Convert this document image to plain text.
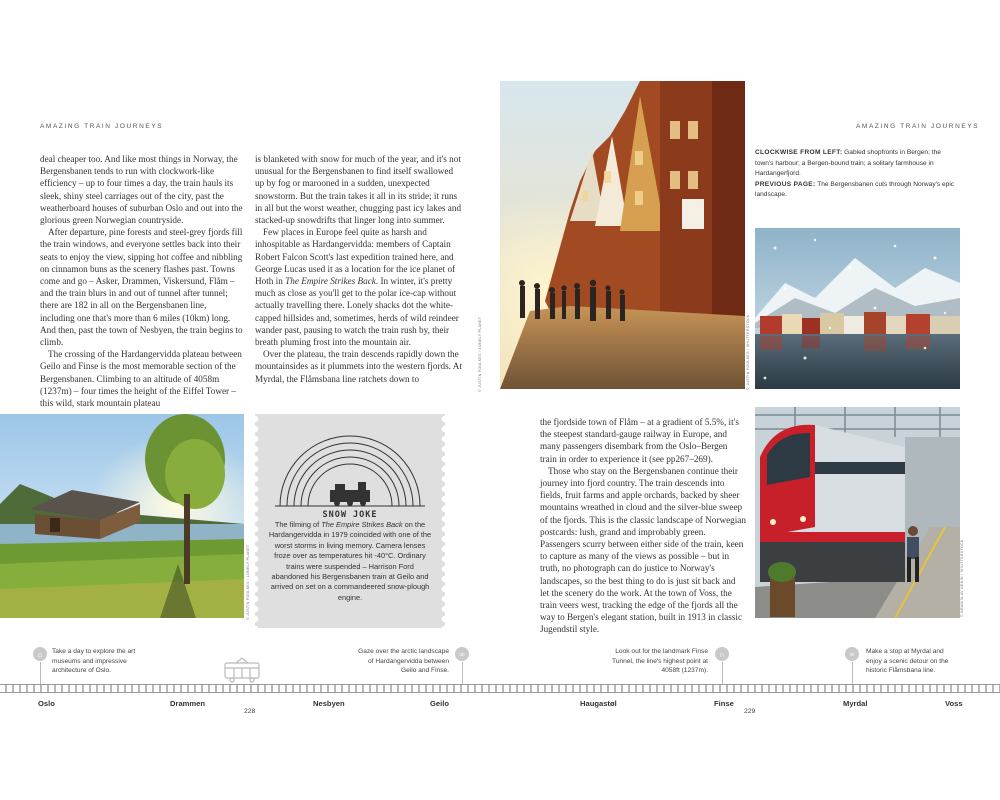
AMAZING TRAIN JOURNEYS	AMAZING TRAIN JOURNEYS

deal cheaper too. And like most things in Norway, the Bergensbanen tends to run with clockwork-like efficiency – up to four times a day, the train hauls its sleek, shiny steel carriages out of the city, past the weatherboard houses of suburban Oslo and out into the glorious green Norwegian countryside.

After departure, pine forests and steel-grey fjords fill the train windows, and everyone settles back into their seats to enjoy the view, sipping hot coffee and nibbling on cinnamon buns as the scenery flashes past. Towns come and go – Asker, Drammen, Viskersund, Flåm – and the train blurs in and out of tunnel after tunnel; there are 182 in all on the Bergensbanen line, including one that's more than 6 miles (10km) long. And then, past the town of Nesbyen, the train begins to climb.

The crossing of the Hardangervidda plateau between Geilo and Finse is the most memorable section of the Bergensbanen. Climbing to an altitude of 4058m (1237m) – four times the height of the Eiffel Tower – this wild, stark mountain plateau

is blanketed with snow for much of the year, and it's not unusual for the Bergensbanen to find itself swallowed up by fog or marooned in a sudden, unexpected snowstorm. But the train takes it all in its stride; it runs in all but the worst weather, chugging past icy lakes and stacked-up snowdrifts that linger long into summer.

Few places in Europe feel quite as harsh and inhospitable as Hardangervidda: members of Captain Robert Falcon Scott's last expedition trained here, and George Lucas used it as a location for the ice planet of Hoth in The Empire Strikes Back. In winter, it's pretty much as close as you'll get to the polar ice-cap without actually travelling there. Lonely shacks dot the white-capped hillsides and, sometimes, herds of wild reindeer wander past, pausing to watch the train rush by, their breath pluming frost into the mountain air.

Over the plateau, the train descends rapidly down the mountainsides as it plummets into the western fjords. At Myrdal, the Flåmsbana line ratchets down to	© JUSTIN FOULKES / LONELY PLANET
CLOCKWISE FROM LEFT: Gabled shopfronts in Bergen; the town's harbour; a Bergen-bound train; a solitary farmhouse in Hardangerfjord.
PREVIOUS PAGE: The Bergensbanen cuts through Norway's epic landscape.
© JUSTIN FOULKES / SHUTTERSTOCK
© JUSTIN FOULKES / LONELY PLANET
SNOW JOKE
The filming of The Empire Strikes Back on the Hardangervidda in 1979 coincided with one of the worst storms in living memory. Camera lenses froze over as temperatures hit -40°C. Ordinary trains were suspended – Harrison Ford abandoned his Bergensbanen train at Geilo and arrived on set on a commandeered snow-plough engine.

the fjordside town of Flåm – at a gradient of 5.5%, it's the steepest standard-gauge railway in Europe, and many passengers disembark from the Oslo–Bergen train in order to experience it (see pp267–269).

Those who stay on the Bergensbanen continue their journey into fjord country. The train descends into fields, fruit farms and apple orchards, backed by sheer mountains wreathed in cloud and the silver-blue sweep of the fjords. This is the classic landscape of Norwegian postcards: lush, grand and improbably green. Passengers scurry between either side of the train, keen to capture as many of the views as possible – but in truth, no photograph can do justice to Norway's landscapes, so the best thing to do is just sit back and let the scenery do the work. At the town of Voss, the train veers west, tracking the edge of the fjords all the way to Bergen's elegant station, built in 1913 in classic Jugendstil style.

© BRANISLAV NENIN / SHUTTERSTOCK
⌂	Take a day to explore the art museums and impressive architecture of Oslo.
Gaze over the arctic landscape of Hardangervidda between Geilo and Finse.
∞	Look out for the landmark Finse Tunnel, the line's highest point at 4058ft (1237m).
∩	≡	Make a stop at Myrdal and enjoy a scenic detour on the historic Flåmsbana line.
Oslo	Drammen	Nesbyen	Geilo	Haugastøl	Finse	Myrdal	Voss
228	229
